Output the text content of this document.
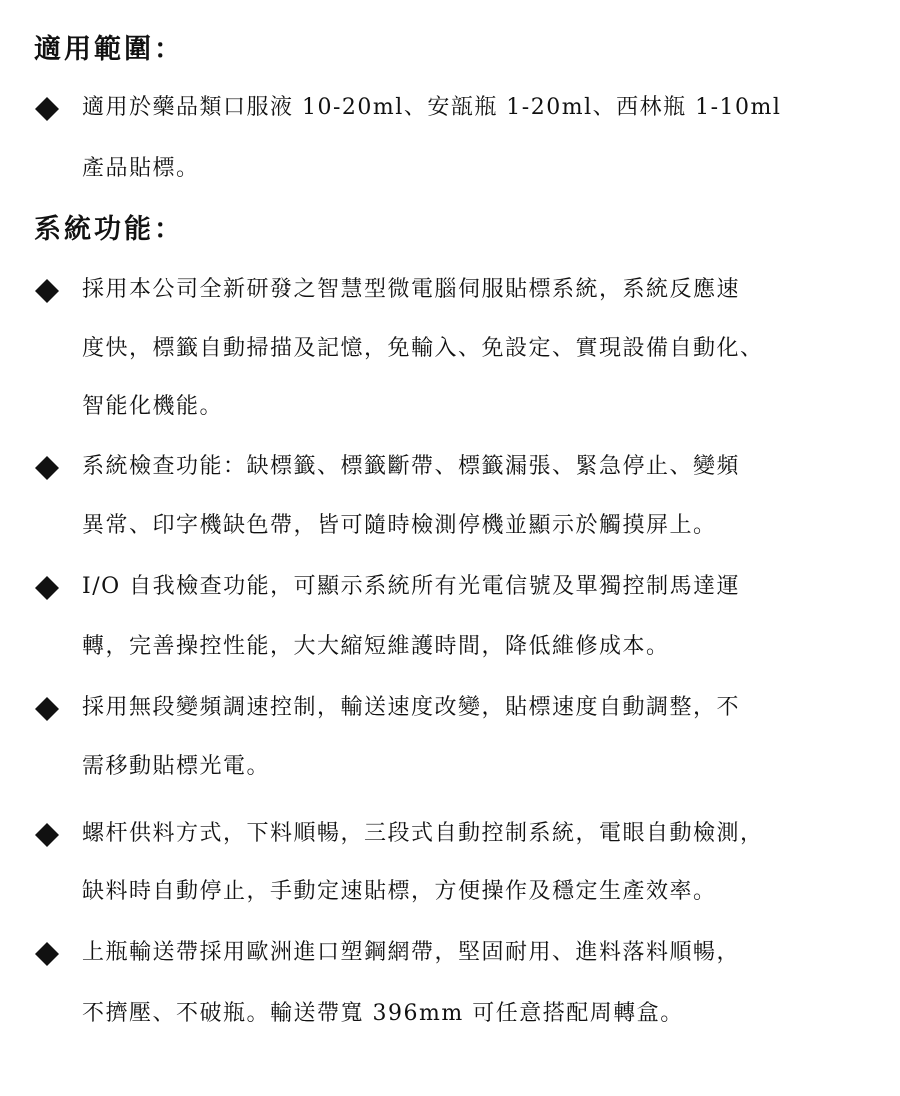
適用範圍：

適用於藥品類口服液 10-20ml、安瓿瓶 1-20ml、西林瓶 1-10ml

產品貼標。

系統功能：

採用本公司全新研發之智慧型微電腦伺服貼標系統，系統反應速

度快，標籤自動掃描及記憶，免輸入、免設定、實現設備自動化、

智能化機能。

系統檢查功能：缺標籤、標籤斷帶、標籤漏張、緊急停止、變頻

異常、印字機缺色帶，皆可隨時檢測停機並顯示於觸摸屏上。

I/O 自我檢查功能，可顯示系統所有光電信號及單獨控制馬達運

轉，完善操控性能，大大縮短維護時間，降低維修成本。

採用無段變頻調速控制，輸送速度改變，貼標速度自動調整，不

需移動貼標光電。

螺杆供料方式，下料順暢，三段式自動控制系統，電眼自動檢測，

缺料時自動停止，手動定速貼標，方便操作及穩定生產效率。

上瓶輸送帶採用歐洲進口塑鋼網帶，堅固耐用、進料落料順暢，

不擠壓、不破瓶。輸送帶寬 396mm 可任意搭配周轉盒。
